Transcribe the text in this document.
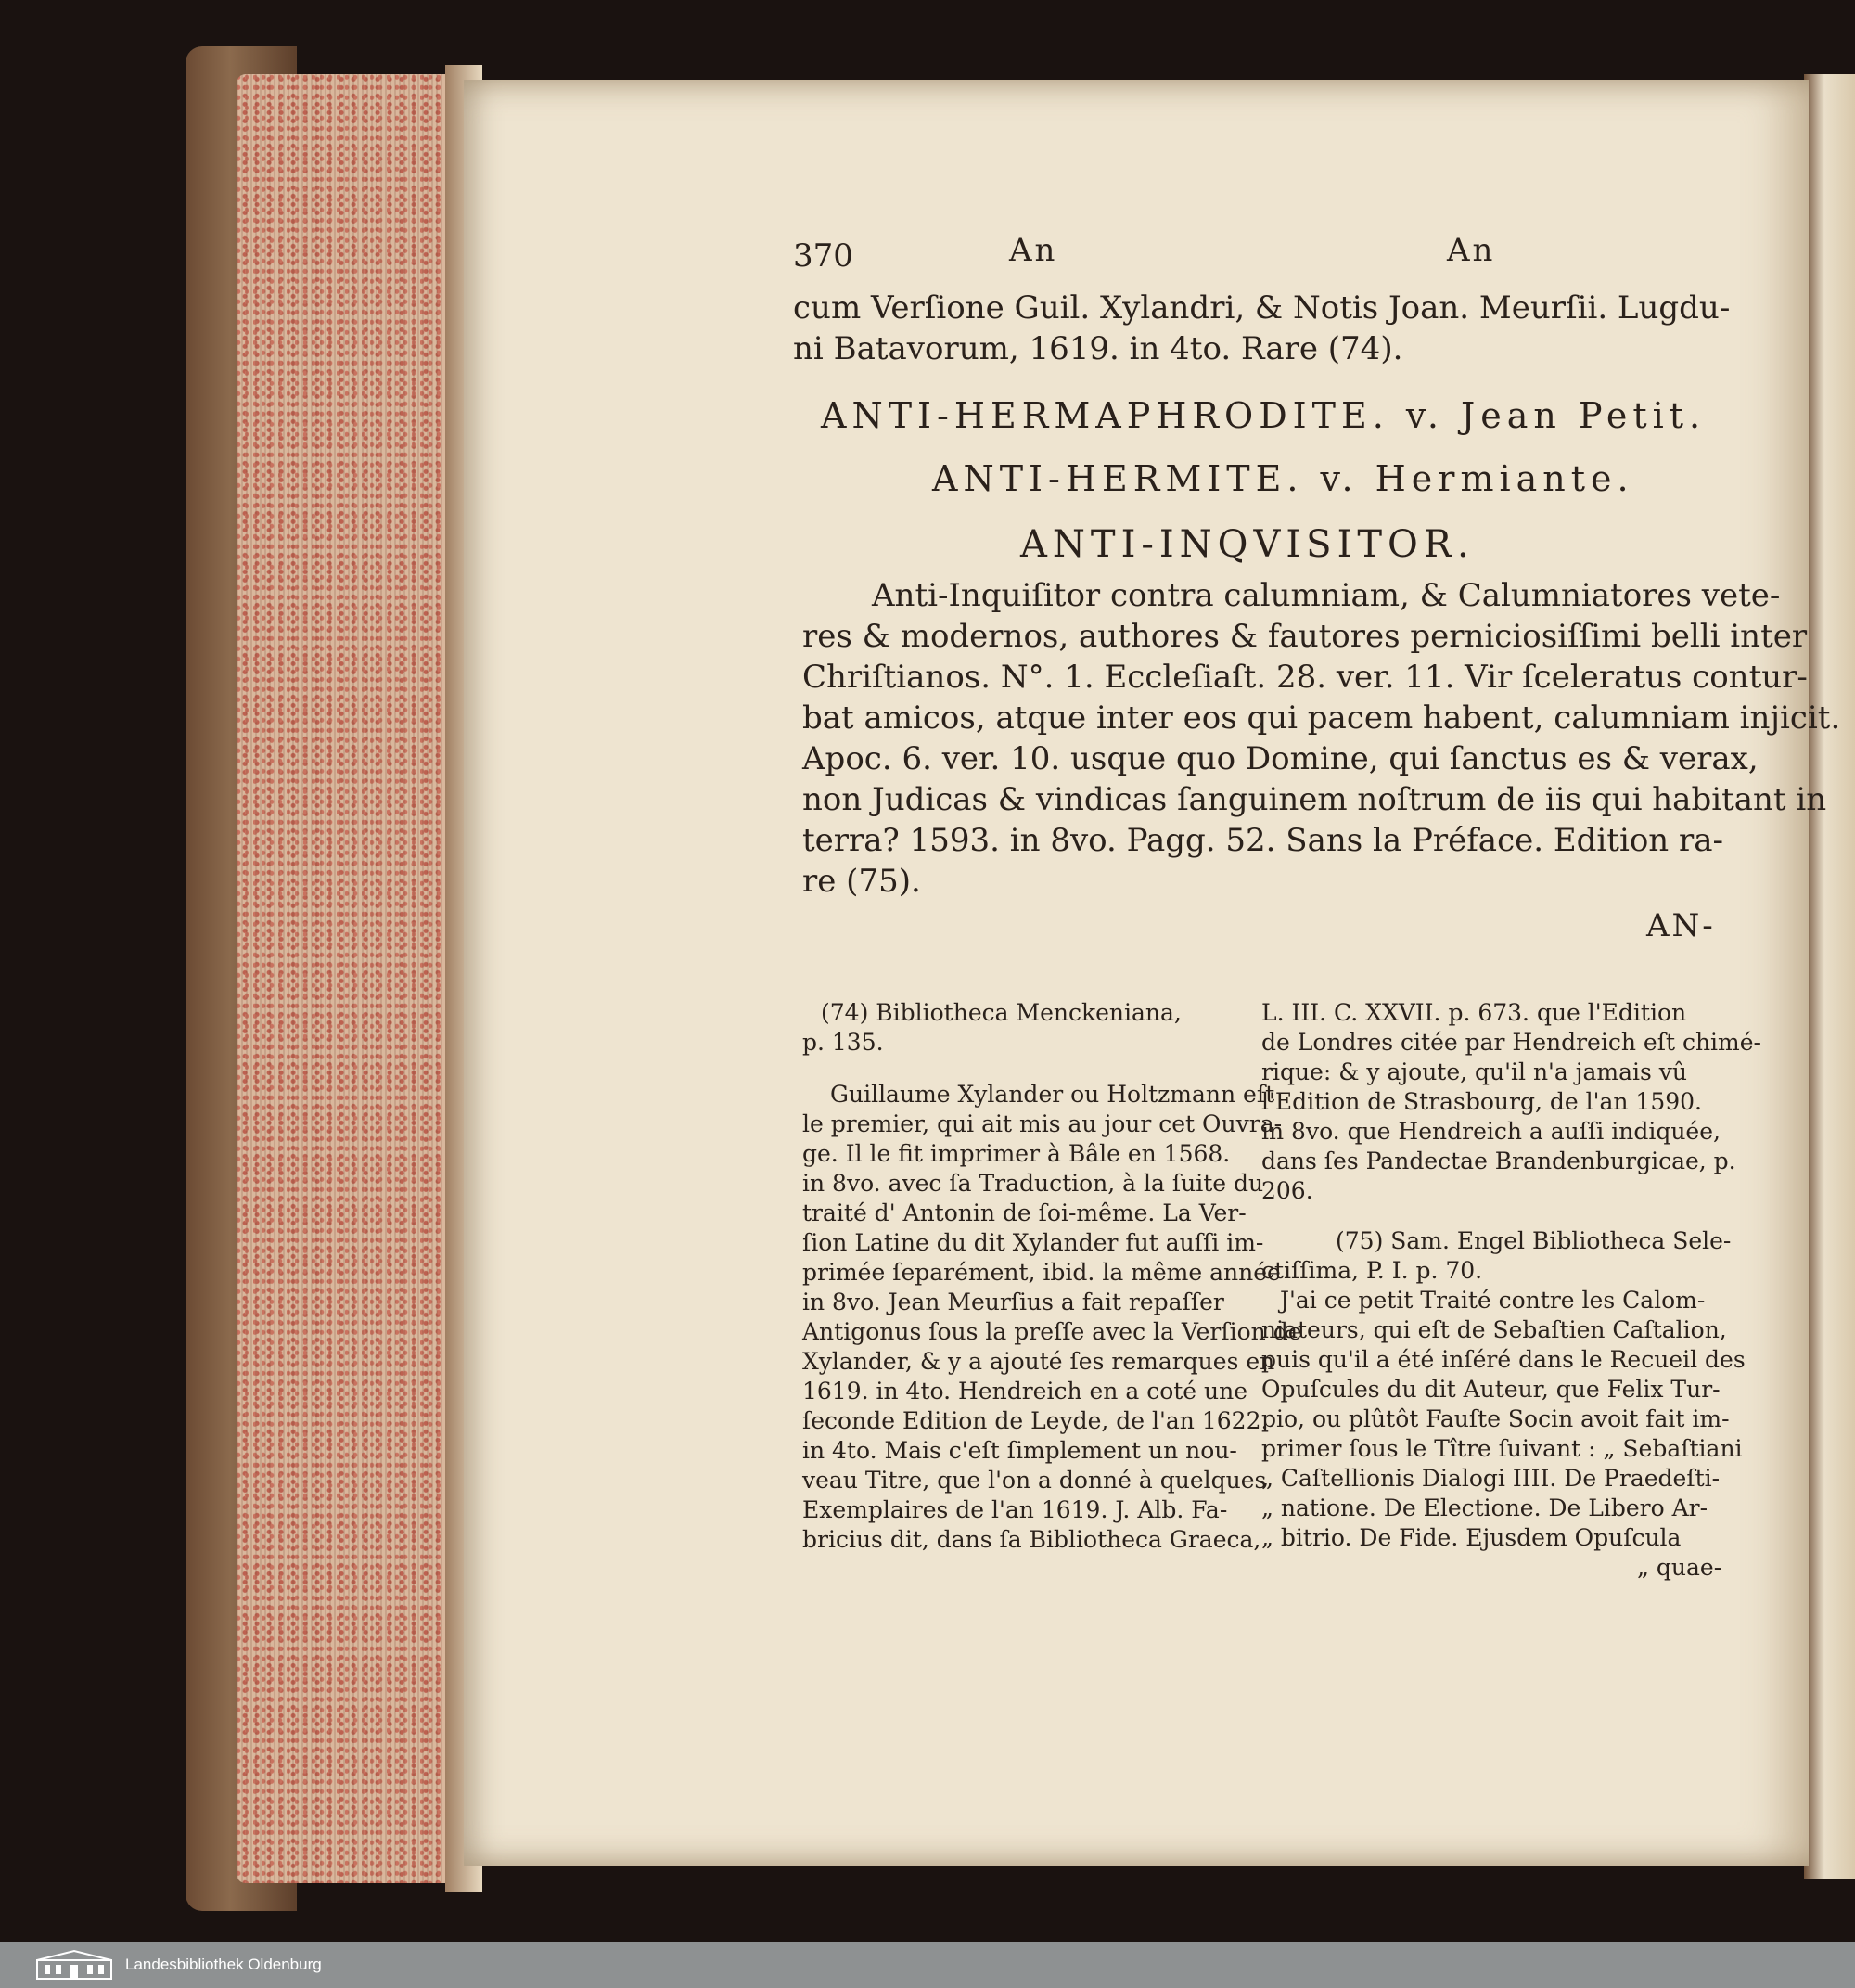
370	An	An
cum Verſione Guil. Xylandri, & Notis Joan. Meurſii. Lugdu-
ni Batavorum, 1619. in 4to. Rare (74).
ANTI-HERMAPHRODITE. v. Jean Petit.
ANTI-HERMITE. v. Hermiante.
ANTI-INQVISITOR.
Anti-Inquiſitor contra calumniam, & Calumniatores vete-
res & modernos, authores & fautores perniciosiſſimi belli inter
Chriſtianos. N°. 1. Eccleſiaſt. 28. ver. 11. Vir ſceleratus contur-
bat amicos, atque inter eos qui pacem habent, calumniam injicit.
Apoc. 6. ver. 10. usque quo Domine, qui ſanctus es & verax,
non Judicas & vindicas ſanguinem noſtrum de iis qui habitant in
terra? 1593. in 8vo. Pagg. 52. Sans la Préface. Edition ra-
re (75).
AN-
(74) Bibliotheca Menckeniana,
p. 135.
Guillaume Xylander ou Holtzmann eſt
le premier, qui ait mis au jour cet Ouvra-
ge. Il le fit imprimer à Bâle en 1568.
in 8vo. avec ſa Traduction, à la ſuite du
traité d' Antonin de ſoi-même. La Ver-
ſion Latine du dit Xylander fut auſſi im-
primée ſeparément, ibid. la même année
in 8vo. Jean Meurſius a fait repaſſer
Antigonus ſous la preſſe avec la Verſion de
Xylander, & y a ajouté ſes remarques en
1619. in 4to. Hendreich en a coté une
ſeconde Edition de Leyde, de l'an 1622.
in 4to. Mais c'eſt ſimplement un nou-
veau Titre, que l'on a donné à quelques
Exemplaires de l'an 1619. J. Alb. Fa-
bricius dit, dans ſa Bibliotheca Graeca,
L. III. C. XXVII. p. 673. que l'Edition
de Londres citée par Hendreich eſt chimé-
rique: & y ajoute, qu'il n'a jamais vû
l'Edition de Strasbourg, de l'an 1590.
in 8vo. que Hendreich a auſſi indiquée,
dans ſes Pandectae Brandenburgicae, p.
206.
(75) Sam. Engel Bibliotheca Sele-
ctiſſima, P. I. p. 70.
J'ai ce petit Traité contre les Calom-
niateurs, qui eſt de Sebaſtien Caſtalion,
puis qu'il a été inſéré dans le Recueil des
Opuſcules du dit Auteur, que Felix Tur-
pio, ou plûtôt Fauſte Socin avoit fait im-
primer ſous le Tître ſuivant : „ Sebaſtiani
„ Caſtellionis Dialogi IIII. De Praedeſti-
„ natione. De Electione. De Libero Ar-
„ bitrio. De Fide. Ejusdem Opuſcula
„ quae-
Landesbibliothek Oldenburg
